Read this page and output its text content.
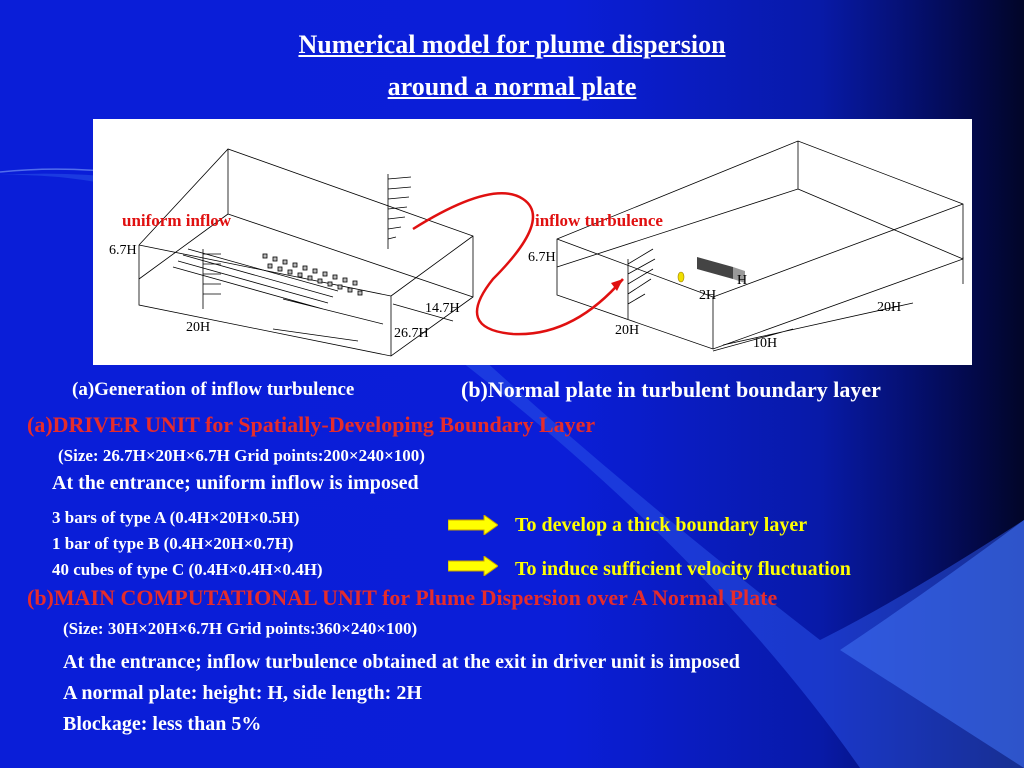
Numerical model for plume dispersion
around a normal plate
uniform inflow
6.7H
20H
14.7H
26.7H
inflow turbulence
6.7H
H
2H
20H
20H
10H
(a)Generation of inflow turbulence	(b)Normal plate in turbulent boundary layer
(a)DRIVER UNIT for Spatially-Developing Boundary Layer
(Size: 26.7H×20H×6.7H Grid points:200×240×100)
At the entrance; uniform inflow is imposed
3 bars of type A (0.4H×20H×0.5H)
1 bar of type B (0.4H×20H×0.7H)
40 cubes of type C (0.4H×0.4H×0.4H)
To develop a thick boundary layer
To induce sufficient velocity fluctuation
(b)MAIN COMPUTATIONAL UNIT for Plume Dispersion over A Normal Plate
(Size: 30H×20H×6.7H Grid points:360×240×100)
At the entrance; inflow turbulence obtained at the exit in driver unit is imposed
A normal plate: height: H, side length: 2H
Blockage: less than 5%
